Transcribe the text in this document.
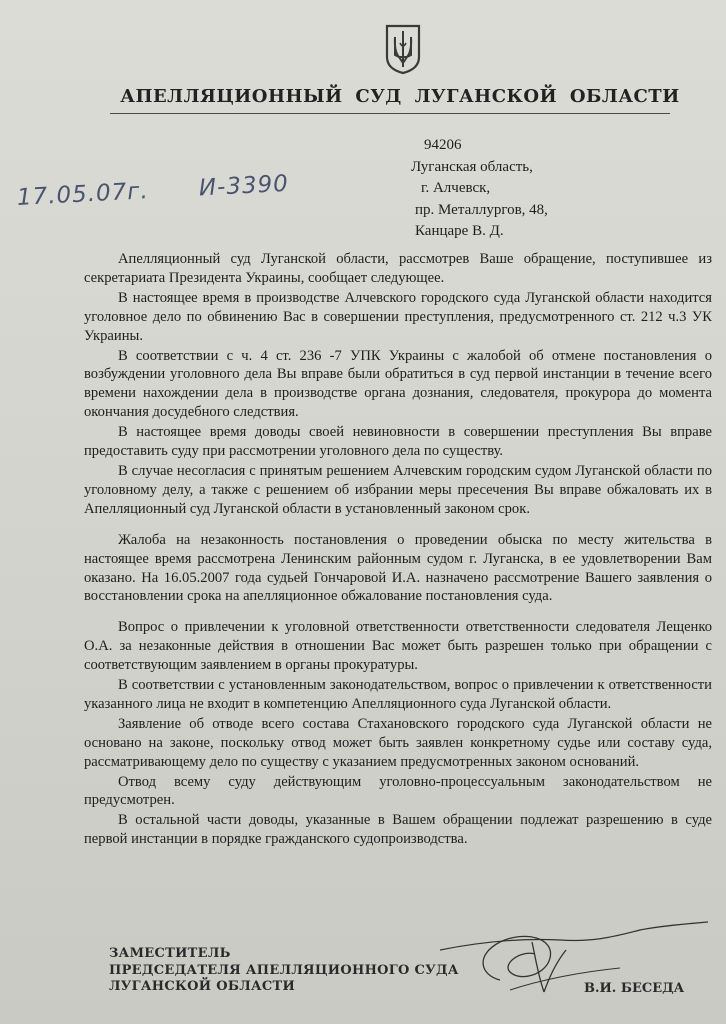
АПЕЛЛЯЦИОННЫЙ СУД ЛУГАНСКОЙ ОБЛАСТИ
94206
Луганская область,
г. Алчевск,
пр. Металлургов, 48,
Канцаре В. Д.
17.05.07г. И-3390

Апелляционный суд Луганской области, рассмотрев Ваше обращение, поступившее из секретариата Президента Украины, сообщает следующее.

В настоящее время в производстве Алчевского городского суда Луганской области находится уголовное дело по обвинению Вас в совершении преступления, предусмотренного ст. 212 ч.3 УК Украины.

В соответствии с ч. 4 ст. 236 -7 УПК Украины с жалобой об отмене постановления о возбуждении уголовного дела Вы вправе были обратиться в суд первой инстанции в течение всего времени нахождении дела в производстве органа дознания, следователя, прокурора до момента окончания досудебного следствия.

В настоящее время доводы своей невиновности в совершении преступления Вы вправе предоставить суду при рассмотрении уголовного дела по существу.

В случае несогласия с принятым решением Алчевским городским судом Луганской области по уголовному делу, а также с решением об избрании меры пресечения Вы вправе обжаловать их в Апелляционный суд Луганской области в установленный законом срок.

Жалоба на незаконность постановления о проведении обыска по месту жительства в настоящее время рассмотрена Ленинским районным судом г. Луганска, в ее удовлетворении Вам оказано. На 16.05.2007 года судьей Гончаровой И.А. назначено рассмотрение Вашего заявления о восстановлении срока на апелляционное обжалование постановления суда.

Вопрос о привлечении к уголовной ответственности ответственности следователя Лещенко О.А. за незаконные действия в отношении Вас может быть разрешен только при обращении с соответствующим заявлением в органы прокуратуры.

В соответствии с установленным законодательством, вопрос о привлечении к ответственности указанного лица не входит в компетенцию Апелляционного суда Луганской области.

Заявление об отводе всего состава Стахановского городского суда Луганской области не основано на законе, поскольку отвод может быть заявлен конкретному судье или составу суда, рассматривающему дело по существу с указанием предусмотренных законом оснований.

Отвод всему суду действующим уголовно-процессуальным законодательством не предусмотрен.

В остальной части доводы, указанные в Вашем обращении подлежат разрешению в суде первой инстанции в порядке гражданского судопроизводства.

ЗАМЕСТИТЕЛЬ
ПРЕДСЕДАТЕЛЯ АПЕЛЛЯЦИОННОГО СУДА
ЛУГАНСКОЙ ОБЛАСТИ	В.И. БЕСЕДА
